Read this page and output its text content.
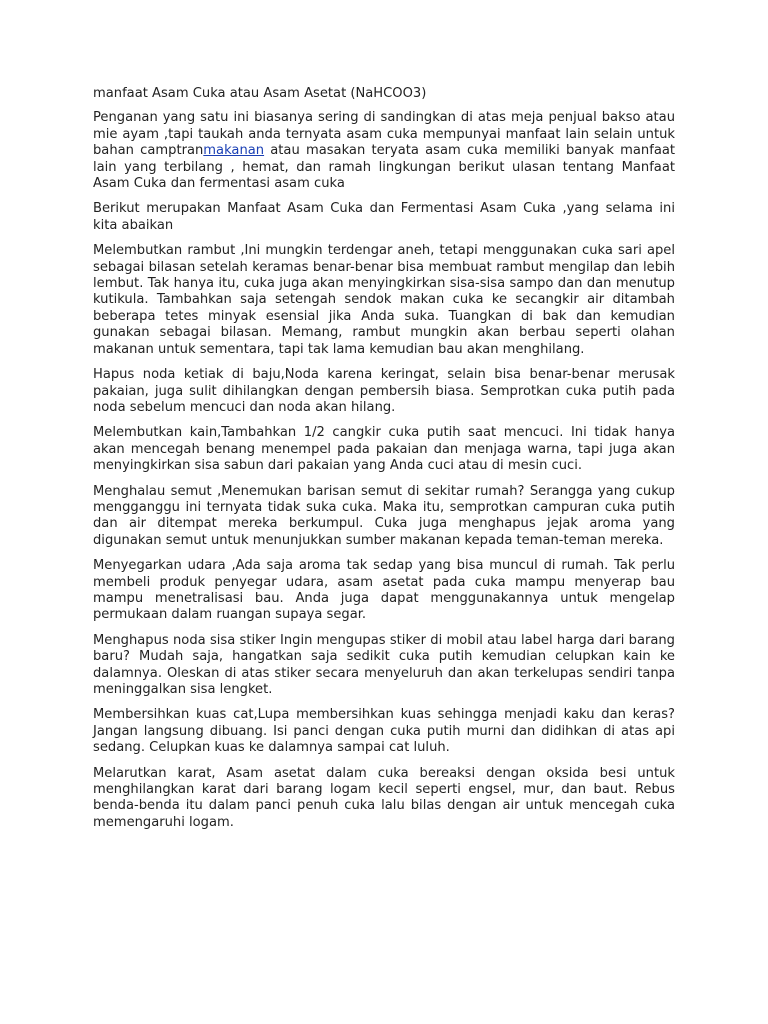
manfaat Asam Cuka atau Asam Asetat (NaHCOO3)

Penganan yang satu ini biasanya sering di sandingkan di atas meja penjual bakso atau mie ayam ,tapi taukah anda ternyata asam cuka mempunyai manfaat lain selain untuk bahan camptranmakanan atau masakan teryata asam cuka memiliki banyak manfaat lain yang terbilang , hemat, dan ramah lingkungan berikut ulasan tentang Manfaat Asam Cuka dan fermentasi asam cuka

Berikut merupakan Manfaat Asam Cuka dan Fermentasi Asam Cuka ,yang selama ini kita abaikan

Melembutkan rambut ,Ini mungkin terdengar aneh, tetapi menggunakan cuka sari apel sebagai bilasan setelah keramas benar-benar bisa membuat rambut mengilap dan lebih lembut. Tak hanya itu, cuka juga akan menyingkirkan sisa-sisa sampo dan dan menutup kutikula. Tambahkan saja setengah sendok makan cuka ke secangkir air ditambah beberapa tetes minyak esensial jika Anda suka. Tuangkan di bak dan kemudian gunakan sebagai bilasan. Memang, rambut mungkin akan berbau seperti olahan makanan untuk sementara, tapi tak lama kemudian bau akan menghilang.

Hapus noda ketiak di baju,Noda karena keringat, selain bisa benar-benar merusak pakaian, juga sulit dihilangkan dengan pembersih biasa. Semprotkan cuka putih pada noda sebelum mencuci dan noda akan hilang.

Melembutkan kain,Tambahkan 1/2 cangkir cuka putih saat mencuci. Ini tidak hanya akan mencegah benang menempel pada pakaian dan menjaga warna, tapi juga akan menyingkirkan sisa sabun dari pakaian yang Anda cuci atau di mesin cuci.

Menghalau semut ,Menemukan barisan semut di sekitar rumah? Serangga yang cukup mengganggu ini ternyata tidak suka cuka. Maka itu, semprotkan campuran cuka putih dan air ditempat mereka berkumpul. Cuka juga menghapus jejak aroma yang digunakan semut untuk menunjukkan sumber makanan kepada teman-teman mereka.

Menyegarkan udara ,Ada saja aroma tak sedap yang bisa muncul di rumah. Tak perlu membeli produk penyegar udara, asam asetat pada cuka mampu menyerap bau mampu menetralisasi bau. Anda juga dapat menggunakannya untuk mengelap permukaan dalam ruangan supaya segar.

Menghapus noda sisa stiker Ingin mengupas stiker di mobil atau label harga dari barang baru? Mudah saja, hangatkan saja sedikit cuka putih kemudian celupkan kain ke dalamnya. Oleskan di atas stiker secara menyeluruh dan akan terkelupas sendiri tanpa meninggalkan sisa lengket.

Membersihkan kuas cat,Lupa membersihkan kuas sehingga menjadi kaku dan keras? Jangan langsung dibuang. Isi panci dengan cuka putih murni dan didihkan di atas api sedang. Celupkan kuas ke dalamnya sampai cat luluh.

Melarutkan karat, Asam asetat dalam cuka bereaksi dengan oksida besi untuk menghilangkan karat dari barang logam kecil seperti engsel, mur, dan baut. Rebus benda-benda itu dalam panci penuh cuka lalu bilas dengan air untuk mencegah cuka memengaruhi logam.
